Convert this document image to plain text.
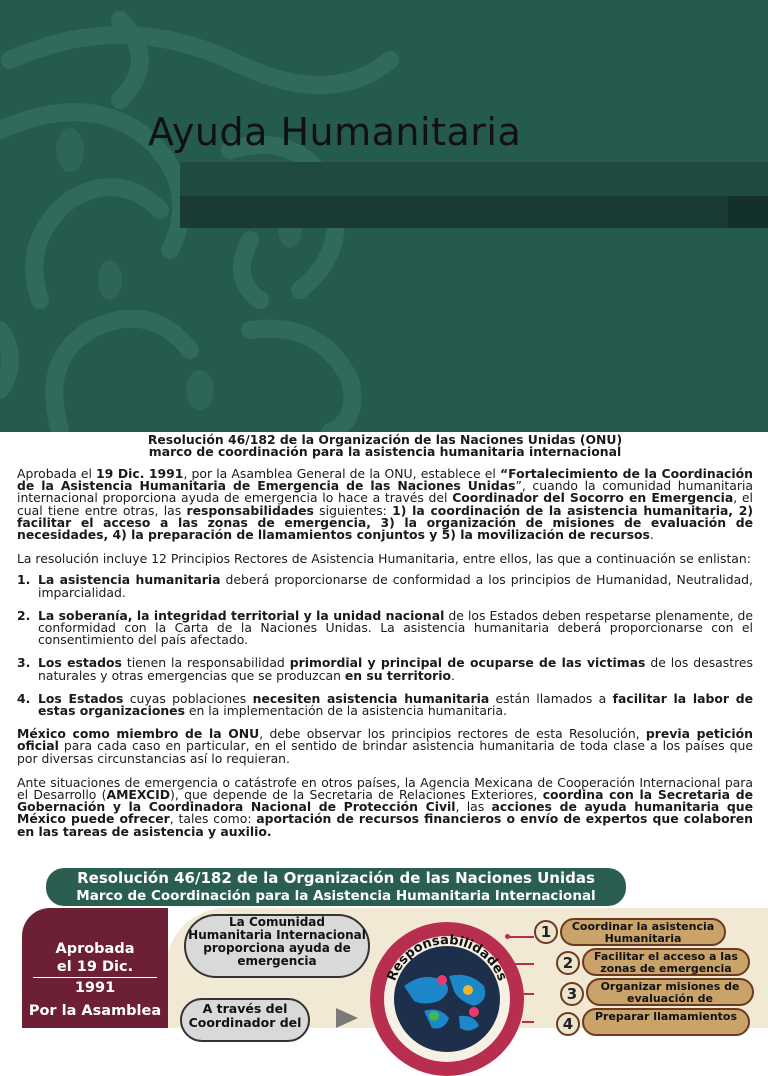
Ayuda Humanitaria

Resolución 46/182 de la Organización de las Naciones Unidas (ONU)

marco de coordinación para la asistencia humanitaria internacional

Aprobada el 19 Dic. 1991, por la Asamblea General de la ONU, establece el “Fortalecimiento de la Coordinación de la Asistencia Humanitaria de Emergencia de las Naciones Unidas”, cuando la comunidad humanitaria internacional proporciona ayuda de emergencia lo hace a través del Coordinador del Socorro en Emergencia, el cual tiene entre otras, las responsabilidades siguientes: 1) la coordinación de la asistencia humanitaria, 2) facilitar el acceso a las zonas de emergencia, 3) la organización de misiones de evaluación de necesidades, 4) la preparación de llamamientos conjuntos y 5) la movilización de recursos.

La resolución incluye 12 Principios Rectores de Asistencia Humanitaria, entre ellos, las que a continuación se enlistan:

1. La asistencia humanitaria deberá proporcionarse de conformidad a los principios de Humanidad, Neutralidad, imparcialidad.
2. La soberanía, la integridad territorial y la unidad nacional de los Estados deben respetarse plenamente, de conformidad con la Carta de la Naciones Unidas. La asistencia humanitaria deberá proporcionarse con el consentimiento del país afectado.
3. Los estados tienen la responsabilidad primordial y principal de ocuparse de las victimas de los desastres naturales y otras emergencias que se produzcan en su territorio.
4. Los Estados cuyas poblaciones necesiten asistencia humanitaria están llamados a facilitar la labor de estas organizaciones en la implementación de la asistencia humanitaria.

México como miembro de la ONU, debe observar los principios rectores de esta Resolución, previa petición oficial para cada caso en particular, en el sentido de brindar asistencia humanitaria de toda clase a los países que por diversas circunstancias así lo requieran.

Ante situaciones de emergencia o catástrofe en otros países, la Agencia Mexicana de Cooperación Internacional para el Desarrollo (AMEXCID), que depende de la Secretaria de Relaciones Exteriores, coordina con la Secretaria de Gobernación y la Coordinadora Nacional de Protección Civil, las acciones de ayuda humanitaria que México puede ofrecer, tales como: aportación de recursos financieros o envío de expertos que colaboren en las tareas de asistencia y auxilio.

Resolución 46/182 de la Organización de las Naciones Unidas
Marco de Coordinación para la Asistencia Humanitaria Internacional
Aprobada
el 19 Dic.
1991
Por la Asamblea
La Comunidad Humanitaria Internacional proporciona ayuda de emergencia
A través del Coordinador del
Responsabilidades
1	Coordinar la asistencia Humanitaria
2	Facilitar el acceso a las zonas de emergencia
3	Organizar misiones de evaluación de
4	Preparar llamamientos
